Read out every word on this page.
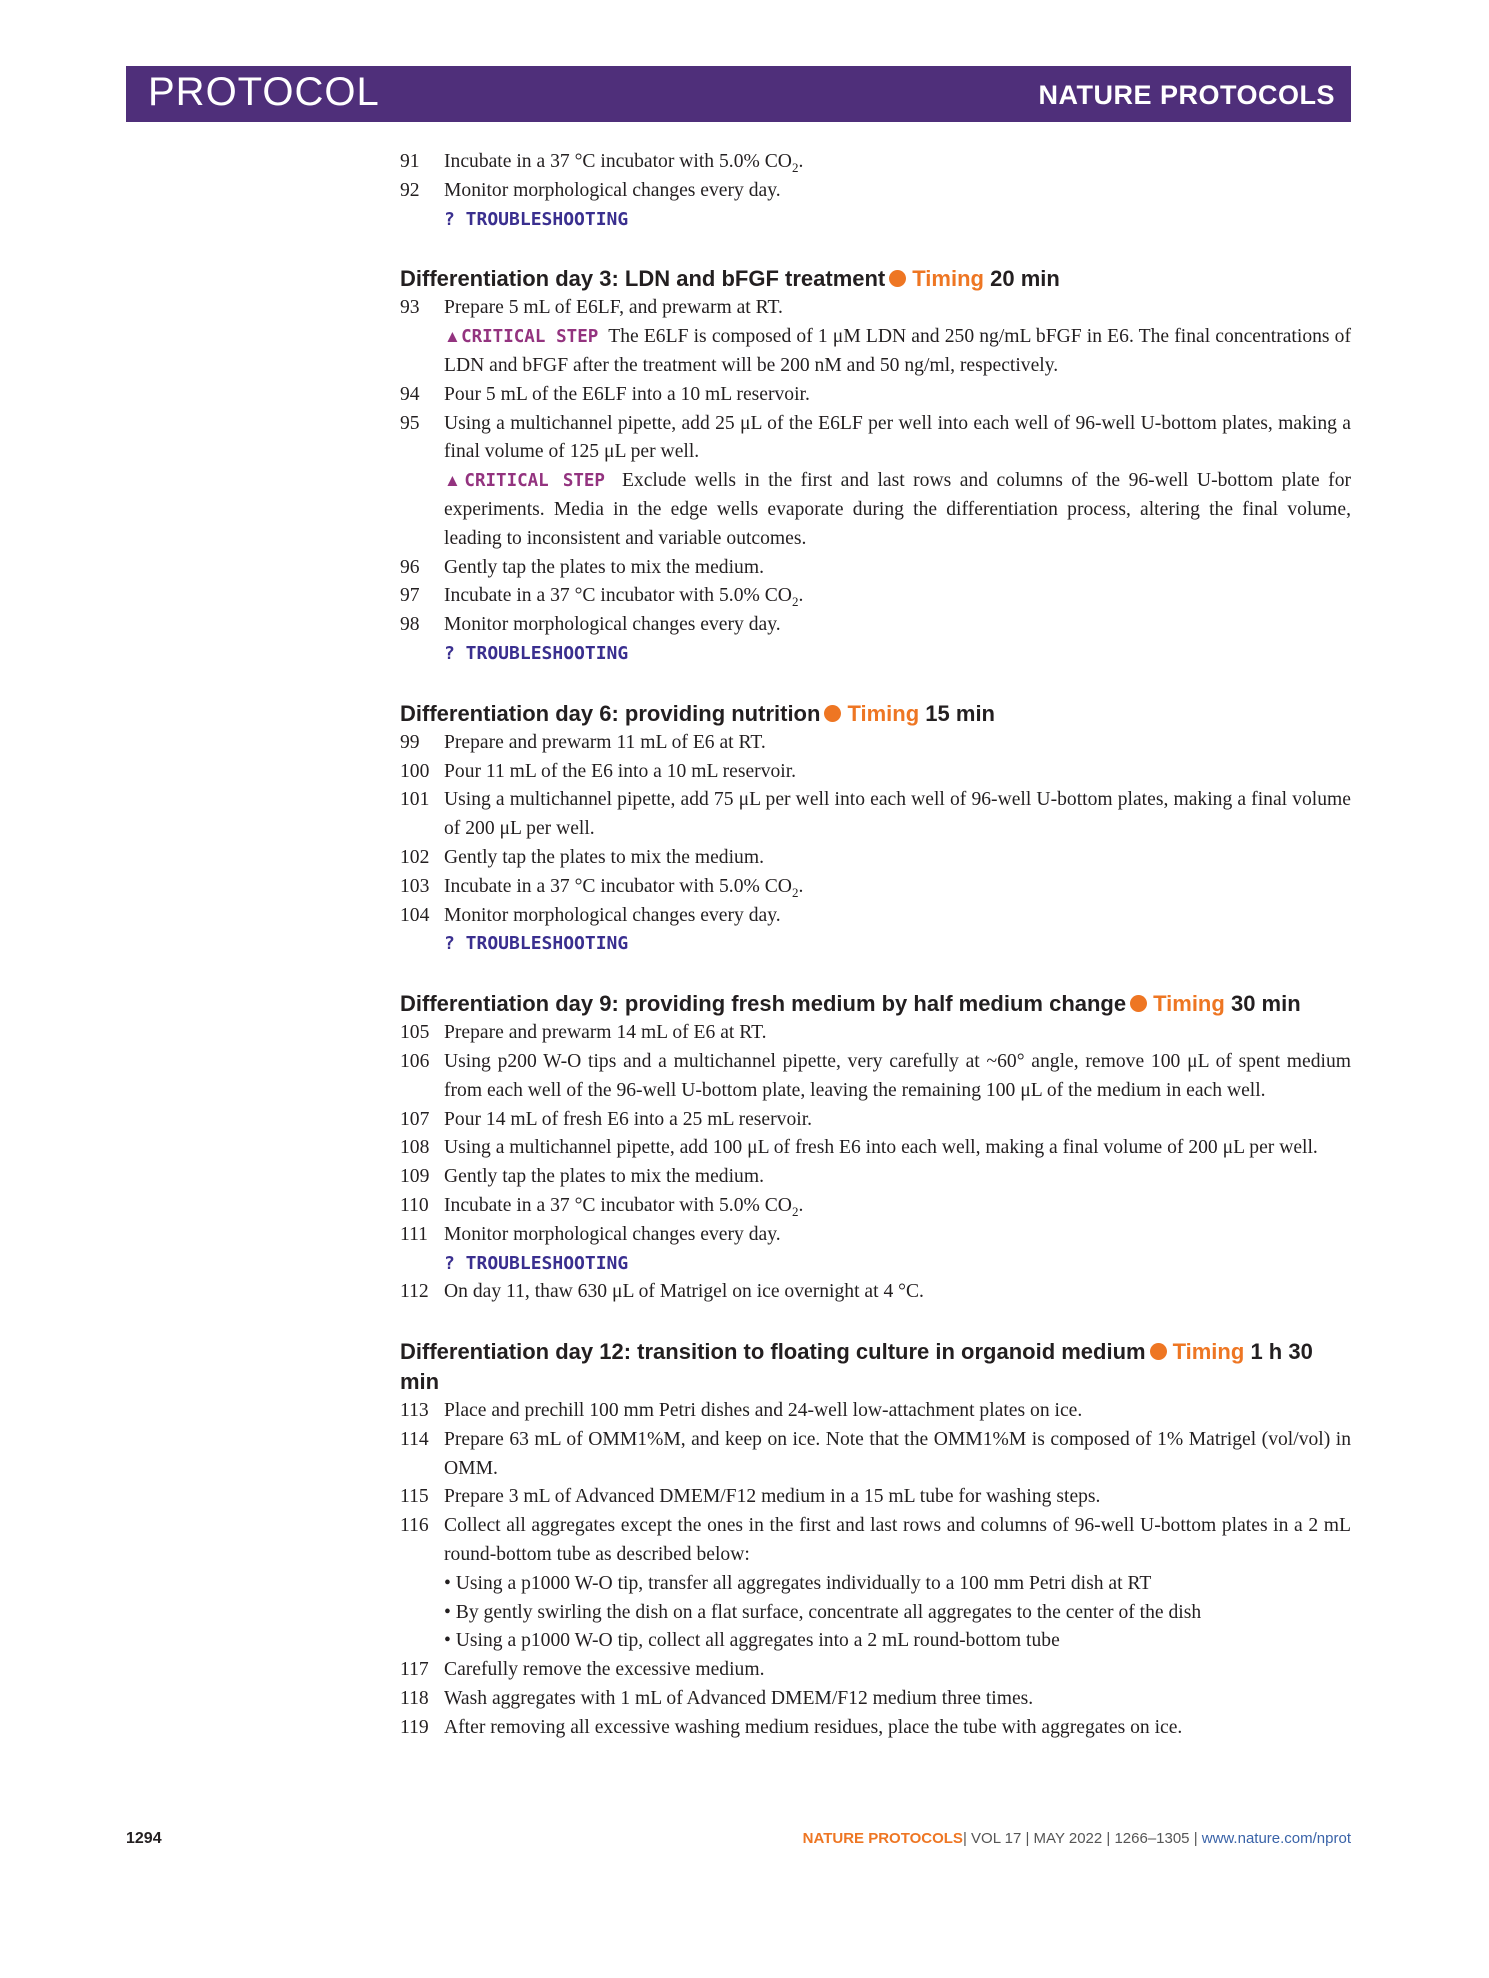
PROTOCOL	NATURE PROTOCOLS
91 Incubate in a 37 °C incubator with 5.0% $CO_2$.
92 Monitor morphological changes every day.
? TROUBLESHOOTING
Differentiation day 3: LDN and bFGF treatment Timing 20 min
93 Prepare 5 mL of E6LF, and prewarm at RT.
▲CRITICAL STEP The E6LF is composed of 1 μM LDN and 250 ng/mL bFGF in E6. The final concentrations of LDN and bFGF after the treatment will be 200 nM and 50 ng/ml, respectively.
94 Pour 5 mL of the E6LF into a 10 mL reservoir.
95 Using a multichannel pipette, add 25 μL of the E6LF per well into each well of 96-well U-bottom plates, making a final volume of 125 μL per well.
▲CRITICAL STEP Exclude wells in the first and last rows and columns of the 96-well U-bottom plate for experiments. Media in the edge wells evaporate during the differentiation process, altering the final volume, leading to inconsistent and variable outcomes.
96 Gently tap the plates to mix the medium.
97 Incubate in a 37 °C incubator with 5.0% $CO_2$.
98 Monitor morphological changes every day.
? TROUBLESHOOTING
Differentiation day 6: providing nutrition Timing 15 min
99 Prepare and prewarm 11 mL of E6 at RT.
100 Pour 11 mL of the E6 into a 10 mL reservoir.
101 Using a multichannel pipette, add 75 μL per well into each well of 96-well U-bottom plates, making a final volume of 200 μL per well.
102 Gently tap the plates to mix the medium.
103 Incubate in a 37 °C incubator with 5.0% $CO_2$.
104 Monitor morphological changes every day.
? TROUBLESHOOTING
Differentiation day 9: providing fresh medium by half medium change Timing 30 min
105 Prepare and prewarm 14 mL of E6 at RT.
106 Using p200 W-O tips and a multichannel pipette, very carefully at ~60° angle, remove 100 μL of spent medium from each well of the 96-well U-bottom plate, leaving the remaining 100 μL of the medium in each well.
107 Pour 14 mL of fresh E6 into a 25 mL reservoir.
108 Using a multichannel pipette, add 100 μL of fresh E6 into each well, making a final volume of 200 μL per well.
109 Gently tap the plates to mix the medium.
110 Incubate in a 37 °C incubator with 5.0% $CO_2$.
111 Monitor morphological changes every day.
? TROUBLESHOOTING
112 On day 11, thaw 630 μL of Matrigel on ice overnight at 4 °C.
Differentiation day 12: transition to floating culture in organoid medium Timing 1 h 30 min
113 Place and prechill 100 mm Petri dishes and 24-well low-attachment plates on ice.
114 Prepare 63 mL of OMM1%M, and keep on ice. Note that the OMM1%M is composed of 1% Matrigel (vol/vol) in OMM.
115 Prepare 3 mL of Advanced DMEM/F12 medium in a 15 mL tube for washing steps.
116 Collect all aggregates except the ones in the first and last rows and columns of 96-well U-bottom plates in a 2 mL round-bottom tube as described below:
• Using a p1000 W-O tip, transfer all aggregates individually to a 100 mm Petri dish at RT
• By gently swirling the dish on a flat surface, concentrate all aggregates to the center of the dish
• Using a p1000 W-O tip, collect all aggregates into a 2 mL round-bottom tube
117 Carefully remove the excessive medium.
118 Wash aggregates with 1 mL of Advanced DMEM/F12 medium three times.
119 After removing all excessive washing medium residues, place the tube with aggregates on ice.
1294	NATURE PROTOCOLS| VOL 17 | MAY 2022 | 1266–1305 | www.nature.com/nprot
